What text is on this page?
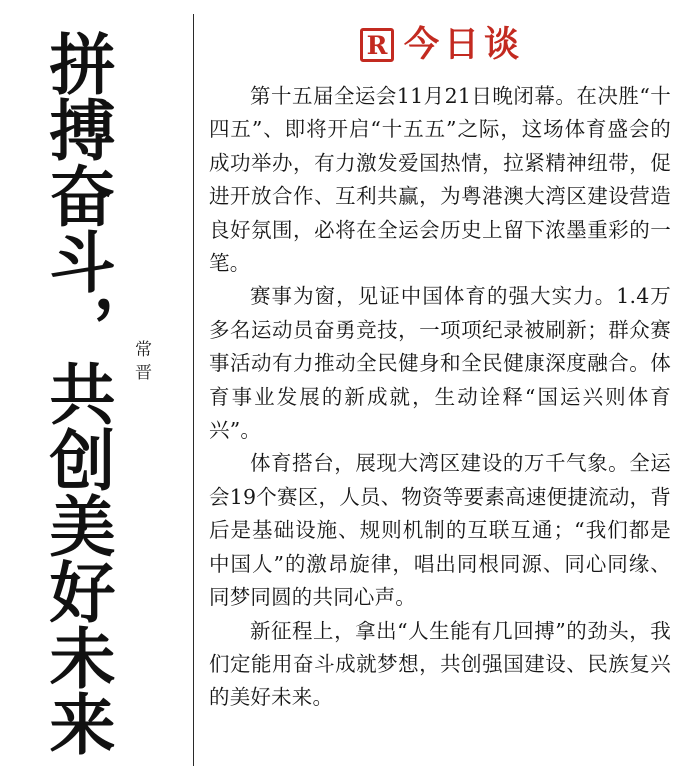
拼搏奋斗，共创美好未来 常晋
R 今日谈

第十五届全运会11月21日晚闭幕。在决胜“十四五”、即将开启“十五五”之际，这场体育盛会的成功举办，有力激发爱国热情，拉紧精神纽带，促进开放合作、互利共赢，为粤港澳大湾区建设营造良好氛围，必将在全运会历史上留下浓墨重彩的一笔。

赛事为窗，见证中国体育的强大实力。1.4万多名运动员奋勇竞技，一项项纪录被刷新；群众赛事活动有力推动全民健身和全民健康深度融合。体育事业发展的新成就，生动诠释“国运兴则体育兴”。

体育搭台，展现大湾区建设的万千气象。全运会19个赛区，人员、物资等要素高速便捷流动，背后是基础设施、规则机制的互联互通；“我们都是中国人”的激昂旋律，唱出同根同源、同心同缘、同梦同圆的共同心声。

新征程上，拿出“人生能有几回搏”的劲头，我们定能用奋斗成就梦想，共创强国建设、民族复兴的美好未来。
